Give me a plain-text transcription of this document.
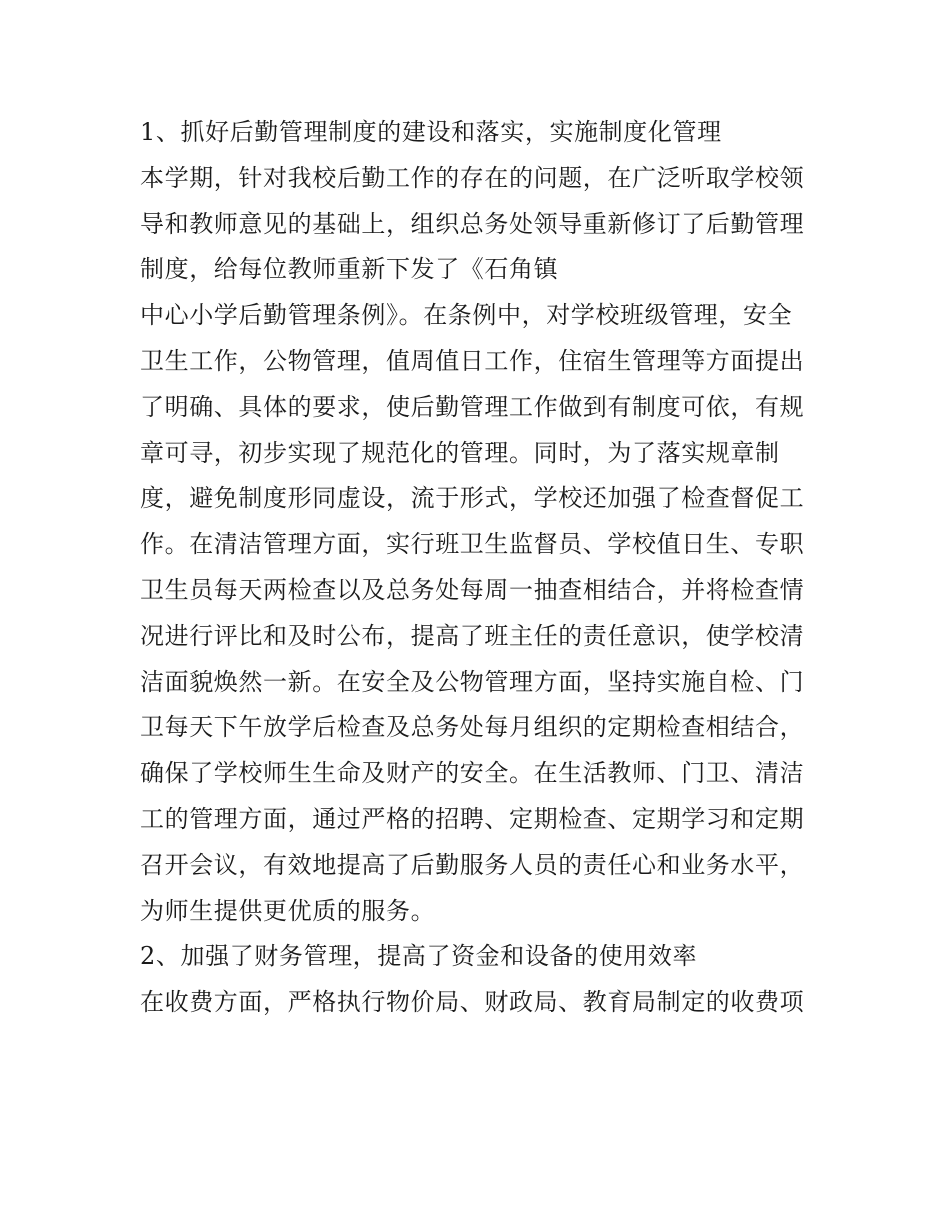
1、抓好后勤管理制度的建设和落实，实施制度化管理
本学期，针对我校后勤工作的存在的问题，在广泛听取学校领
导和教师意见的基础上，组织总务处领导重新修订了后勤管理
制度，给每位教师重新下发了《石角镇
中心小学后勤管理条例》。在条例中，对学校班级管理，安全
卫生工作，公物管理，值周值日工作，住宿生管理等方面提出
了明确、具体的要求，使后勤管理工作做到有制度可依，有规
章可寻，初步实现了规范化的管理。同时，为了落实规章制
度，避免制度形同虚设，流于形式，学校还加强了检查督促工
作。在清洁管理方面，实行班卫生监督员、学校值日生、专职
卫生员每天两检查以及总务处每周一抽查相结合，并将检查情
况进行评比和及时公布，提高了班主任的责任意识，使学校清
洁面貌焕然一新。在安全及公物管理方面，坚持实施自检、门
卫每天下午放学后检查及总务处每月组织的定期检查相结合，
确保了学校师生生命及财产的安全。在生活教师、门卫、清洁
工的管理方面，通过严格的招聘、定期检查、定期学习和定期
召开会议，有效地提高了后勤服务人员的责任心和业务水平，
为师生提供更优质的服务。
2、加强了财务管理，提高了资金和设备的使用效率
在收费方面，严格执行物价局、财政局、教育局制定的收费项
